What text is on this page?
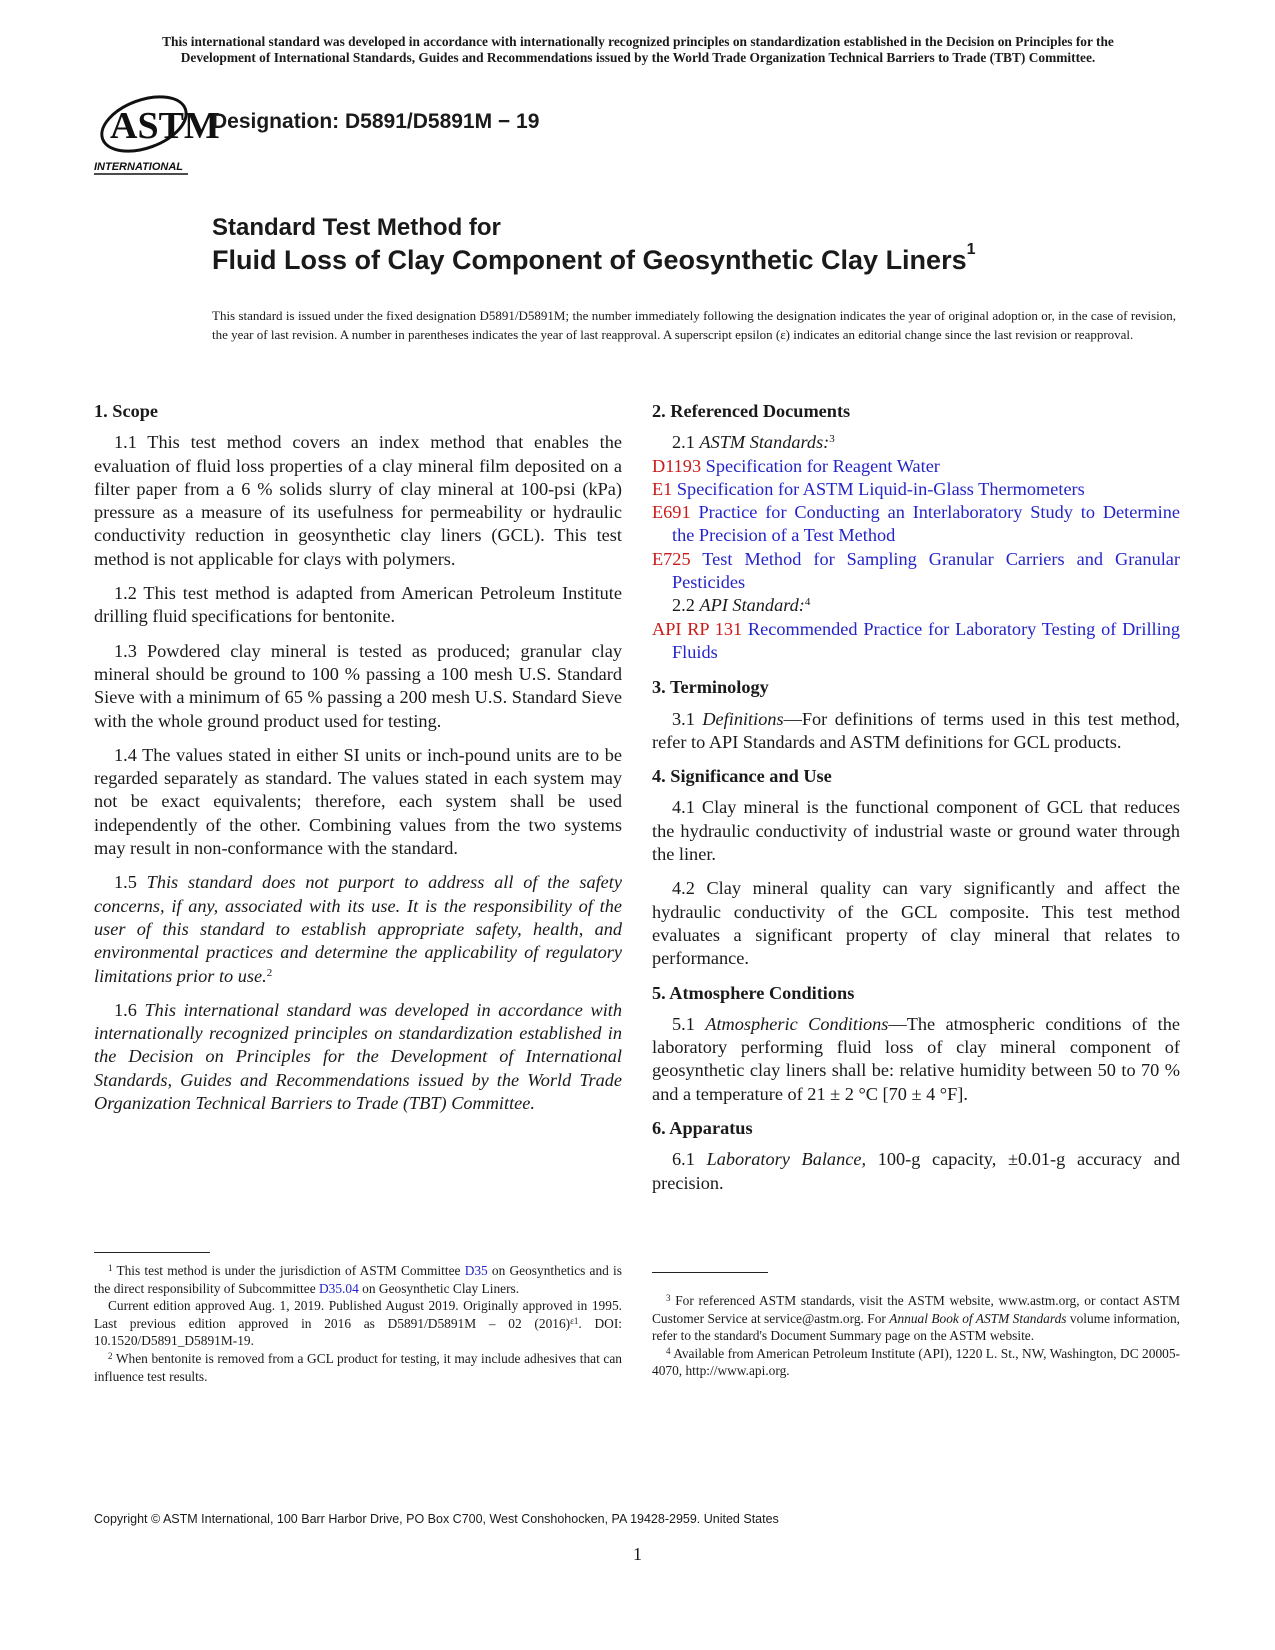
This international standard was developed in accordance with internationally recognized principles on standardization established in the Decision on Principles for the
Development of International Standards, Guides and Recommendations issued by the World Trade Organization Technical Barriers to Trade (TBT) Committee.
ASTM
INTERNATIONAL
Designation: D5891/D5891M − 19
Standard Test Method for
Fluid Loss of Clay Component of Geosynthetic Clay Liners$^1$
This standard is issued under the fixed designation D5891/D5891M; the number immediately following the designation indicates the year of original adoption or, in the case of revision, the year of last revision. A number in parentheses indicates the year of last reapproval. A superscript epsilon (ε) indicates an editorial change since the last revision or reapproval.

1. Scope

1.1 This test method covers an index method that enables the evaluation of fluid loss properties of a clay mineral film deposited on a filter paper from a 6 % solids slurry of clay mineral at 100-psi (kPa) pressure as a measure of its usefulness for permeability or hydraulic conductivity reduction in geosynthetic clay liners (GCL). This test method is not applicable for clays with polymers.

1.2 This test method is adapted from American Petroleum Institute drilling fluid specifications for bentonite.

1.3 Powdered clay mineral is tested as produced; granular clay mineral should be ground to 100 % passing a 100 mesh U.S. Standard Sieve with a minimum of 65 % passing a 200 mesh U.S. Standard Sieve with the whole ground product used for testing.

1.4 The values stated in either SI units or inch-pound units are to be regarded separately as standard. The values stated in each system may not be exact equivalents; therefore, each system shall be used independently of the other. Combining values from the two systems may result in non-conformance with the standard.

1.5 This standard does not purport to address all of the safety concerns, if any, associated with its use. It is the responsibility of the user of this standard to establish appropriate safety, health, and environmental practices and determine the applicability of regulatory limitations prior to use.$^2$

1.6 This international standard was developed in accordance with internationally recognized principles on standardization established in the Decision on Principles for the Development of International Standards, Guides and Recommendations issued by the World Trade Organization Technical Barriers to Trade (TBT) Committee.

2. Referenced Documents

2.1 ASTM Standards:$^3$

D1193 Specification for Reagent Water

E1 Specification for ASTM Liquid-in-Glass Thermometers

E691 Practice for Conducting an Interlaboratory Study to Determine the Precision of a Test Method

E725 Test Method for Sampling Granular Carriers and Granular Pesticides

2.2 API Standard:$^4$

API RP 131 Recommended Practice for Laboratory Testing of Drilling Fluids

3. Terminology

3.1 Definitions—For definitions of terms used in this test method, refer to API Standards and ASTM definitions for GCL products.

4. Significance and Use

4.1 Clay mineral is the functional component of GCL that reduces the hydraulic conductivity of industrial waste or ground water through the liner.

4.2 Clay mineral quality can vary significantly and affect the hydraulic conductivity of the GCL composite. This test method evaluates a significant property of clay mineral that relates to performance.

5. Atmosphere Conditions

5.1 Atmospheric Conditions—The atmospheric conditions of the laboratory performing fluid loss of clay mineral component of geosynthetic clay liners shall be: relative humidity between 50 to 70 % and a temperature of 21 ± 2 °C [70 ± 4 °F].

6. Apparatus

6.1 Laboratory Balance, 100-g capacity, ±0.01-g accuracy and precision.

$^1$ This test method is under the jurisdiction of ASTM Committee D35 on Geosynthetics and is the direct responsibility of Subcommittee D35.04 on Geosynthetic Clay Liners.

Current edition approved Aug. 1, 2019. Published August 2019. Originally approved in 1995. Last previous edition approved in 2016 as D5891/D5891M – 02 (2016)$^{\varepsilon 1}$. DOI: 10.1520/D5891_D5891M-19.

$^2$ When bentonite is removed from a GCL product for testing, it may include adhesives that can influence test results.

$^3$ For referenced ASTM standards, visit the ASTM website, www.astm.org, or contact ASTM Customer Service at service@astm.org. For Annual Book of ASTM Standards volume information, refer to the standard's Document Summary page on the ASTM website.

$^4$ Available from American Petroleum Institute (API), 1220 L. St., NW, Washington, DC 20005-4070, http://www.api.org.

Copyright © ASTM International, 100 Barr Harbor Drive, PO Box C700, West Conshohocken, PA 19428-2959. United States
1
